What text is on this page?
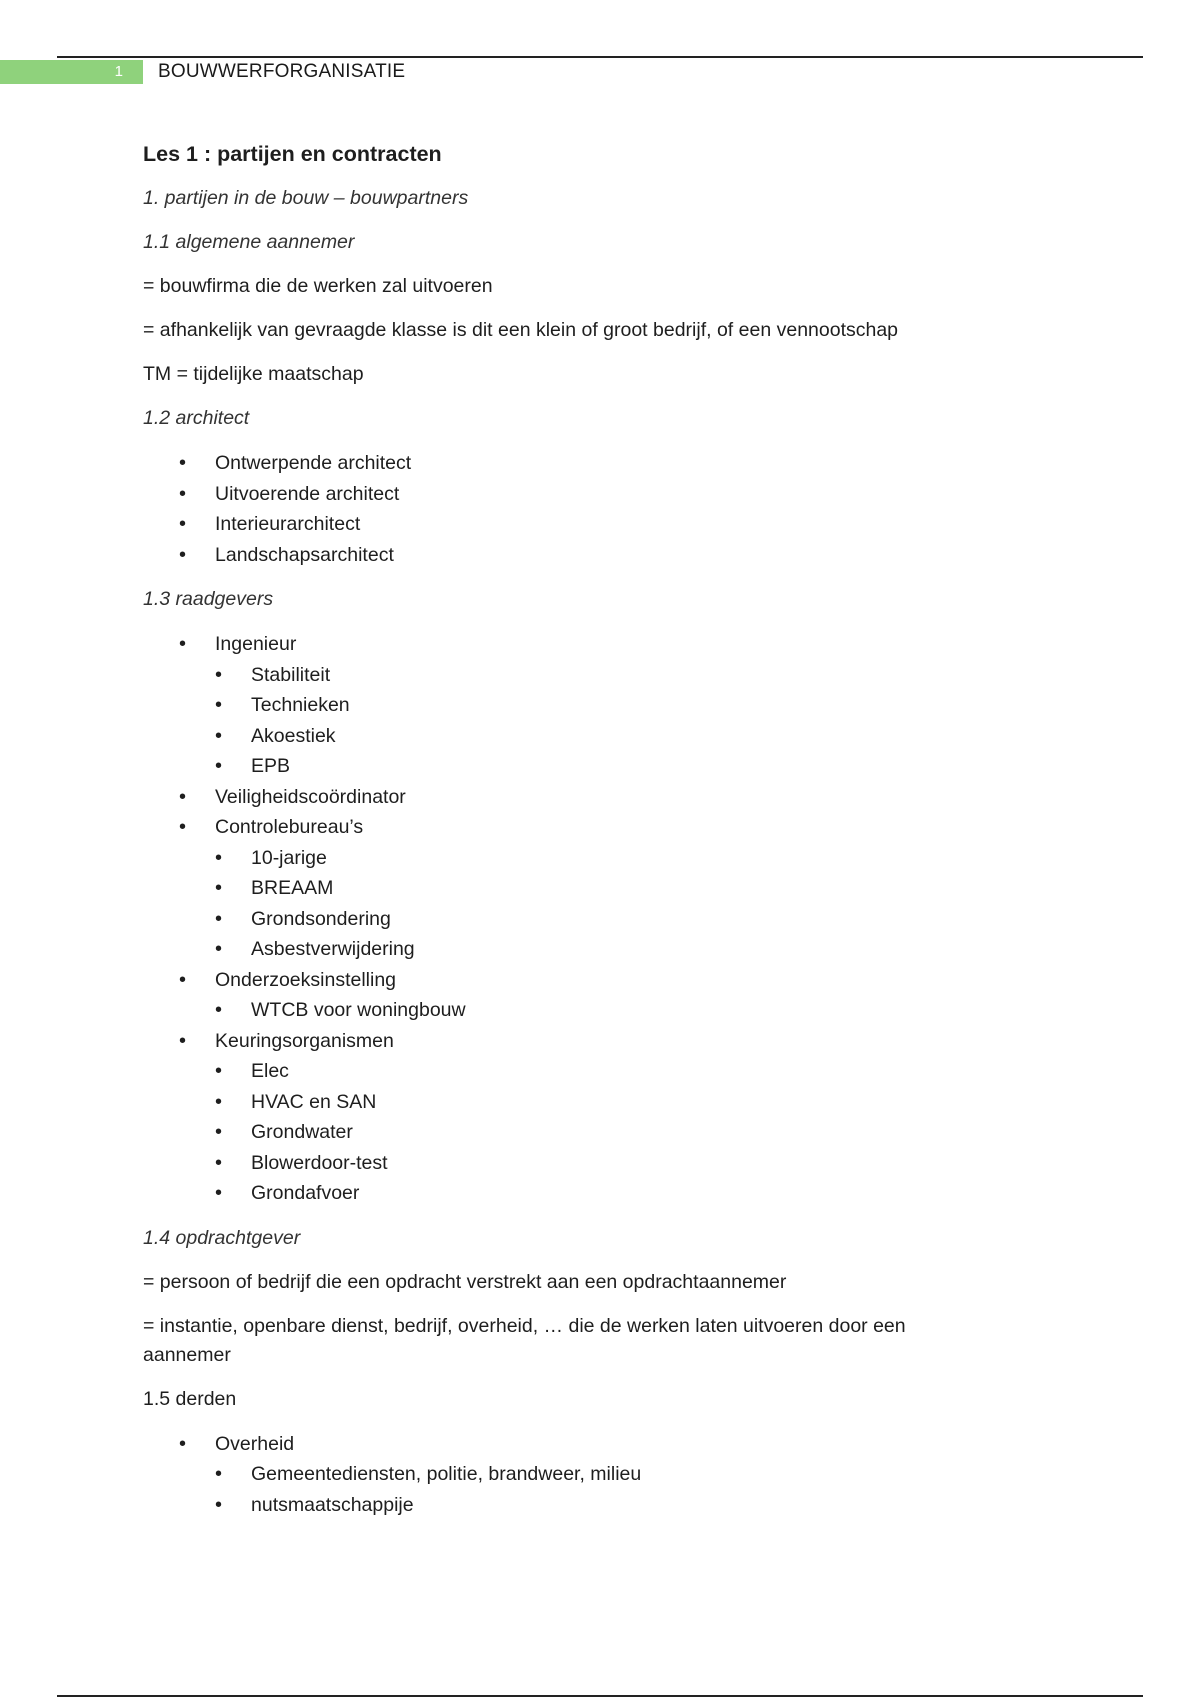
1	BOUWWERFORGANISATIE

Les 1 : partijen en contracten

1. partijen in de bouw – bouwpartners

1.1 algemene aannemer

= bouwfirma die de werken zal uitvoeren

= afhankelijk van gevraagde klasse is dit een klein of groot bedrijf, of een vennootschap

TM = tijdelijke maatschap

1.2 architect

• Ontwerpende architect
• Uitvoerende architect
• Interieurarchitect
• Landschapsarchitect

1.3 raadgevers

• Ingenieur
• Stabiliteit
• Technieken
• Akoestiek
• EPB
• Veiligheidscoördinator
• Controlebureau’s
• 10-jarige
• BREAAM
• Grondsondering
• Asbestverwijdering
• Onderzoeksinstelling
• WTCB voor woningbouw
• Keuringsorganismen
• Elec
• HVAC en SAN
• Grondwater
• Blowerdoor-test
• Grondafvoer

1.4 opdrachtgever

= persoon of bedrijf die een opdracht verstrekt aan een opdrachtaannemer

= instantie, openbare dienst, bedrijf, overheid, … die de werken laten uitvoeren door een aannemer

1.5 derden

• Overheid
• Gemeentediensten, politie, brandweer, milieu
• nutsmaatschappije
